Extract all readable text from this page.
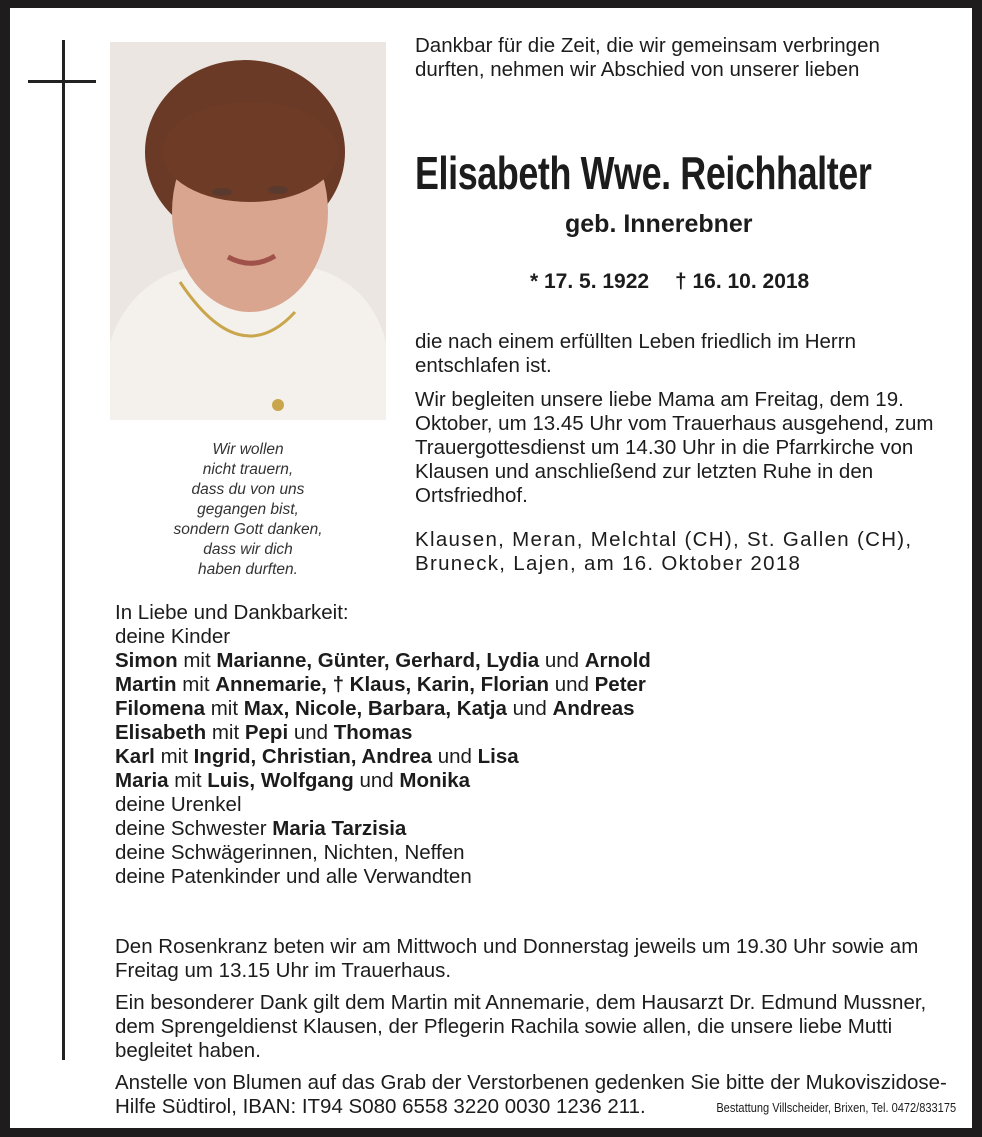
Wir wollen
nicht trauern,
dass du von uns
gegangen bist,
sondern Gott danken,
dass wir dich
haben durften.

Dankbar für die Zeit, die wir gemeinsam verbringen durften, nehmen wir Abschied von unserer lieben

Elisabeth Wwe. Reichhalter
geb. Innerebner
* 17. 5. 1922 † 16. 10. 2018

die nach einem erfüllten Leben friedlich im Herrn entschlafen ist.

Wir begleiten unsere liebe Mama am Freitag, dem 19. Oktober, um 13.45 Uhr vom Trauerhaus ausgehend, zum Trauergottesdienst um 14.30 Uhr in die Pfarrkirche von Klausen und anschließend zur letzten Ruhe in den Ortsfriedhof.

Klausen, Meran, Melchtal (CH), St. Gallen (CH), Bruneck, Lajen, am 16. Oktober 2018

In Liebe und Dankbarkeit:
deine Kinder
Simon mit Marianne, Günter, Gerhard, Lydia und Arnold
Martin mit Annemarie, † Klaus, Karin, Florian und Peter
Filomena mit Max, Nicole, Barbara, Katja und Andreas
Elisabeth mit Pepi und Thomas
Karl mit Ingrid, Christian, Andrea und Lisa
Maria mit Luis, Wolfgang und Monika
deine Urenkel
deine Schwester Maria Tarzisia
deine Schwägerinnen, Nichten, Neffen
deine Patenkinder und alle Verwandten

Den Rosenkranz beten wir am Mittwoch und Donnerstag jeweils um 19.30 Uhr sowie am Freitag um 13.15 Uhr im Trauerhaus.

Ein besonderer Dank gilt dem Martin mit Annemarie, dem Hausarzt Dr. Edmund Mussner, dem Sprengeldienst Klausen, der Pflegerin Rachila sowie allen, die unsere liebe Mutti begleitet haben.

Anstelle von Blumen auf das Grab der Verstorbenen gedenken Sie bitte der Mukoviszidose-Hilfe Südtirol, IBAN: IT94 S080 6558 3220 0030 1236 211.	Bestattung Villscheider, Brixen, Tel. 0472/833175
